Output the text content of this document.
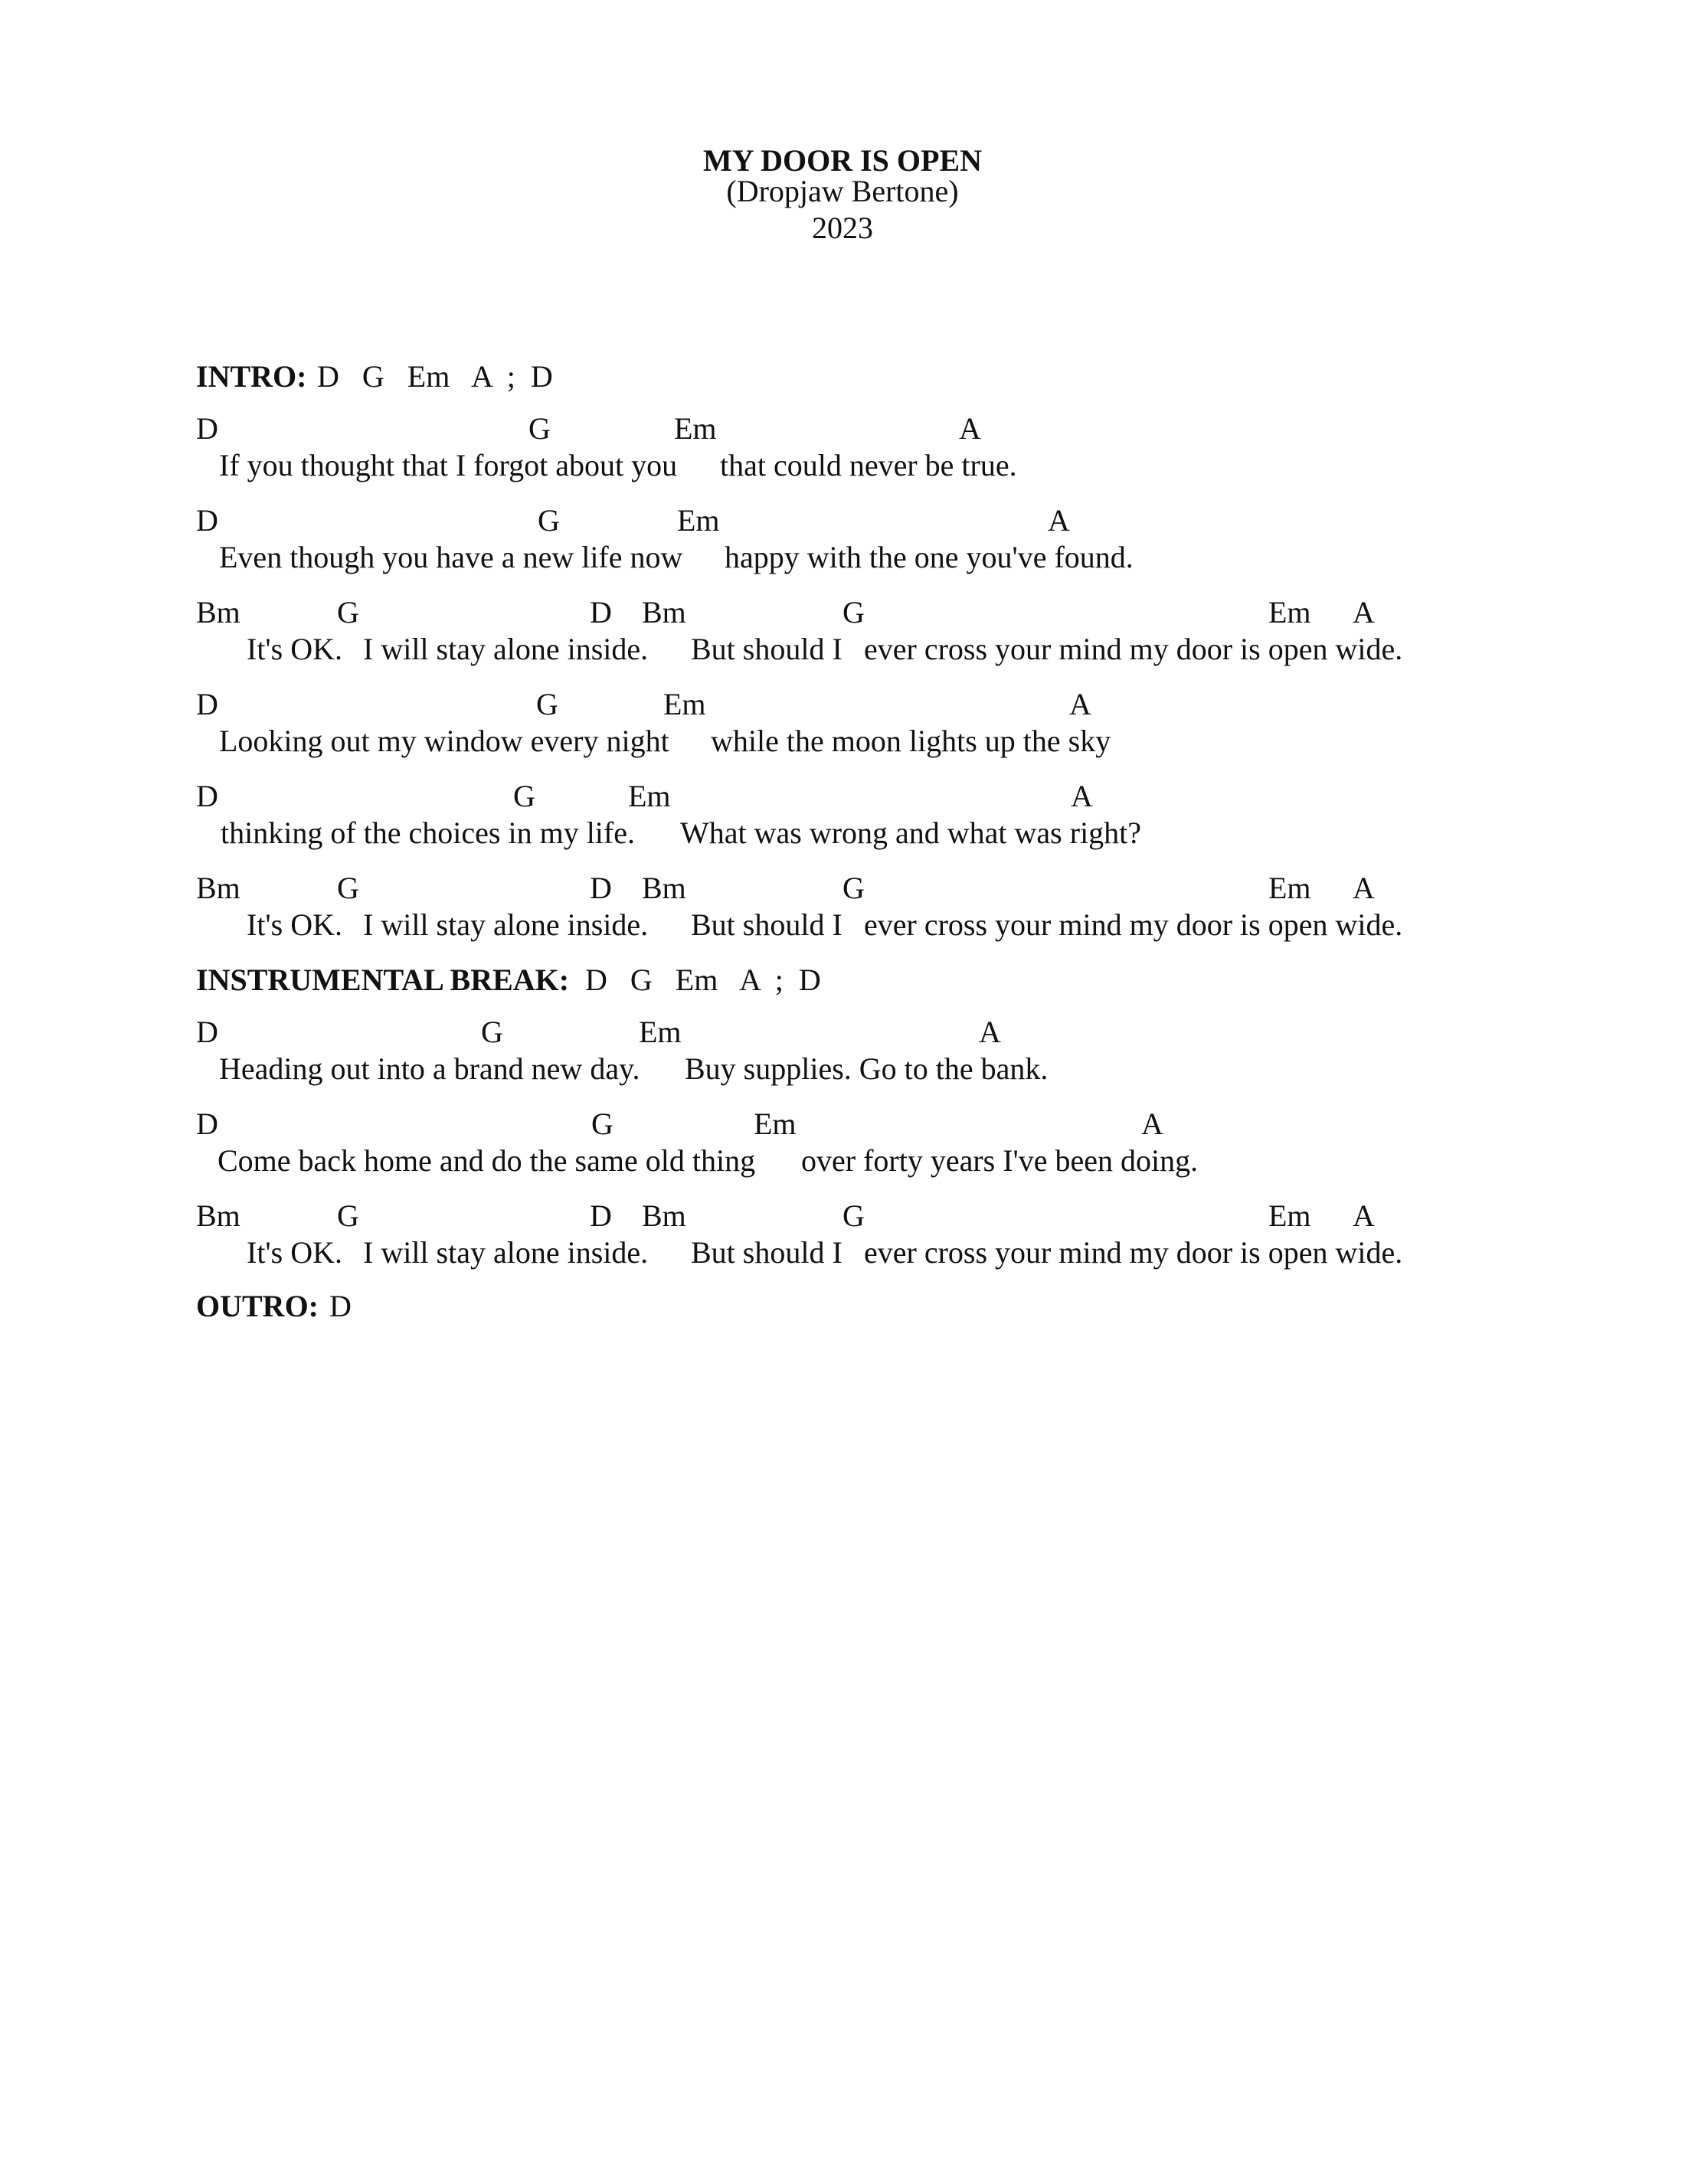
MY DOOR IS OPEN
(Dropjaw Bertone)
2023
INTRO: D   G   Em   A  ;  D
D	G	Em	A
If you thought that I forgot about you that could never be true.
D	G	Em	A
Even though you have a new life now happy with the one you've found.
Bm	G	D Bm	G	Em A
It's OK. I will stay alone inside. But should I ever cross your mind my door is open wide.
D	G	Em	A
Looking out my window every night while the moon lights up the sky
D	G	Em	A
thinking of the choices in my life. What was wrong and what was right?
Bm	G	D Bm	G	Em A
It's OK. I will stay alone inside. But should I ever cross your mind my door is open wide.
INSTRUMENTAL BREAK: D   G   Em   A  ;  D
D	G	Em	A
Heading out into a brand new day. Buy supplies. Go to the bank.
D	G	Em	A
Come back home and do the same old thing over forty years I've been doing.
Bm	G	D Bm	G	Em A
It's OK. I will stay alone inside. But should I ever cross your mind my door is open wide.
OUTRO: D
